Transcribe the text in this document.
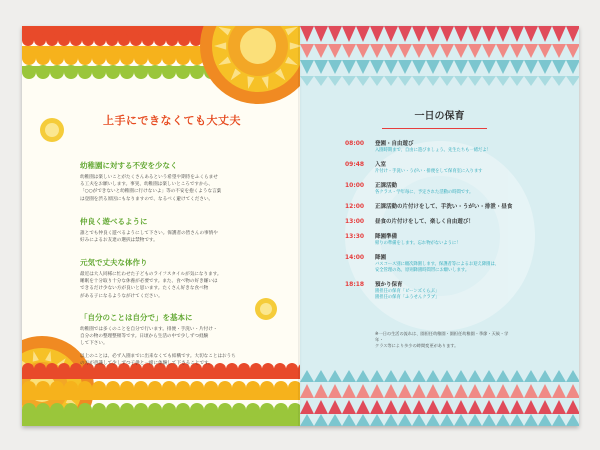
上手にできなくても大丈夫
幼稚園に対する不安を少なく
幼稚園は楽しいことがたくさんあるという希望や期待をふくらませ
る工夫をお願いします。事実、幼稚園は楽しいところですから、
「○○ができないと幼稚園に行けないよ」等の不安を抱くような言葉
は登園を渋る原因にもなりますので、なるべく避けてください。
仲良く遊べるように
誰とでも仲良く遊べるようにして下さい。保護者の皆さんの事情や
好みによるお友達の選択は禁物です。
元気で丈夫な体作り
最近は大人同様に忙わせた子どものライフスタイルが気になります。
睡眠を十分取り十分な休養が必要です。また、食べ物の好き嫌いは
できるだけ少ない方が良いと思います。たくさん好きな食べ物
がある子になるようながけてください。
「自分のことは自分で」を基本に
幼稚園では多くのことを自分で行います。排便・手洗い・片付け・
自分の物の整理整頓等です。日頃から生活の中で少しずつ経験
して下さい。
以上のことは、必ず入園までに出来なくても結構です。大切なことはおうち
の方が意識して少しずつ子供と一緒に体験して下さることです。
一日の保育
08:00	登園・自由遊び
入園時期まで、自由に遊びましょう。先生たちも一緒だよ！
09:48	入室
片付け・手洗い・うがい・排便をして保育室に入ります
10:00	正課活動
各クラス・学年毎に、予定された活動の時間です。
12:00	正課活動の片付けをして、手洗い・うがい・排泄・昼食
13:00	昼食の片付けをして、楽しく自由遊び！
13:30	降園準備
帰りの準備をします。忘れ物がないように！
14:00	降園
バスコース別に順次降園します。保護者等によるお迎え降園は、
安全管理の為、原則降園時間帯にお願いします。
18:18	預かり保育
園担任の保育「ピーンズくらぶ」
園担任の保育「ふうせんクラブ」
※一日の生活の流れは、園担任幼稚園・園担任幼稚園・季節・天候・学年・
クラス等により多少の時間変更があります。
